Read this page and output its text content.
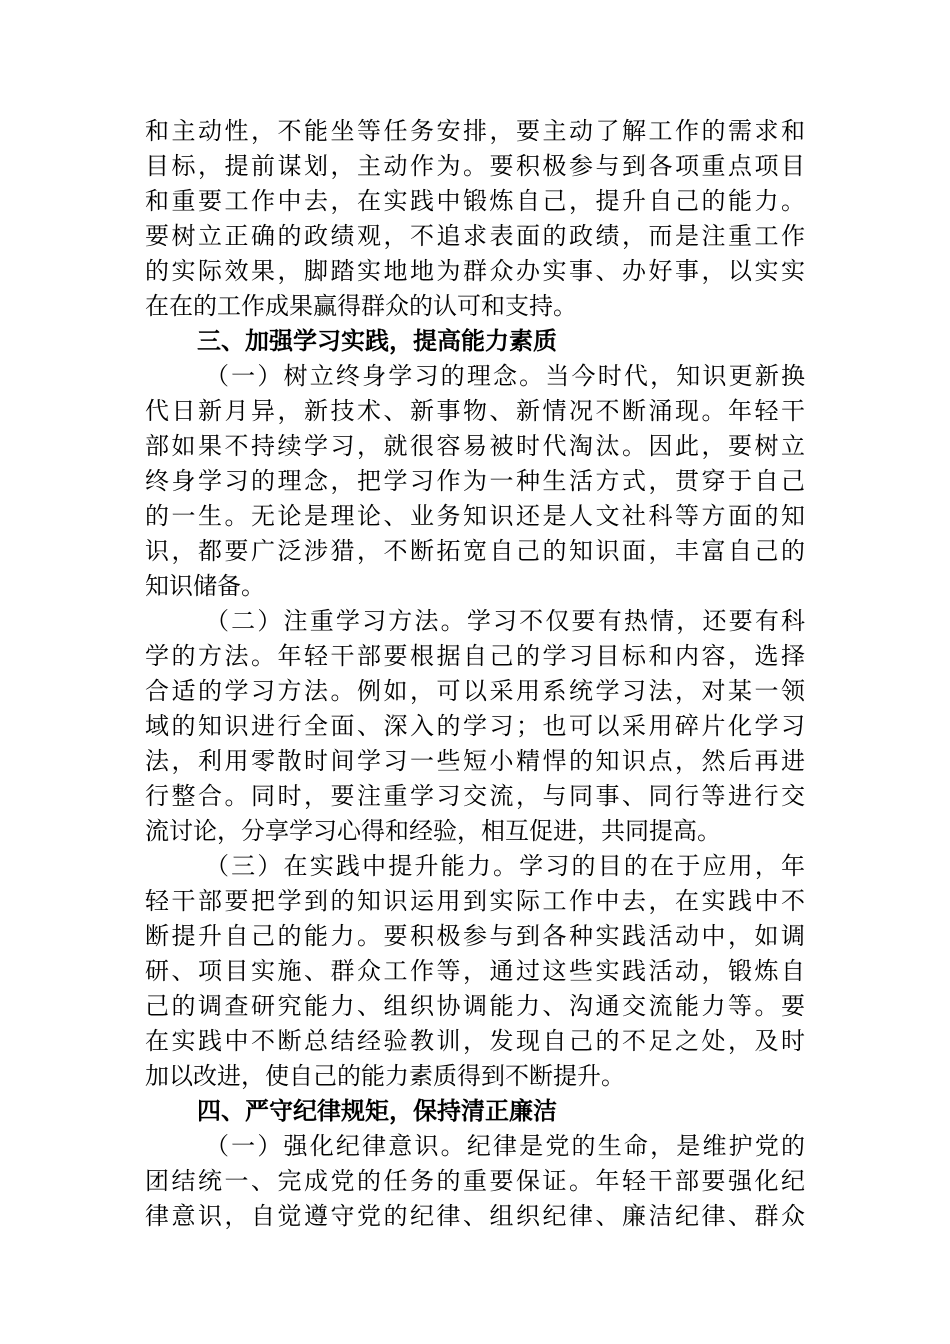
和主动性，不能坐等任务安排，要主动了解工作的需求和
目标，提前谋划，主动作为。要积极参与到各项重点项目
和重要工作中去，在实践中锻炼自己，提升自己的能力。
要树立正确的政绩观，不追求表面的政绩，而是注重工作
的实际效果，脚踏实地地为群众办实事、办好事，以实实
在在的工作成果赢得群众的认可和支持。
三、加强学习实践，提高能力素质
（一）树立终身学习的理念。当今时代，知识更新换
代日新月异，新技术、新事物、新情况不断涌现。年轻干
部如果不持续学习，就很容易被时代淘汰。因此，要树立
终身学习的理念，把学习作为一种生活方式，贯穿于自己
的一生。无论是理论、业务知识还是人文社科等方面的知
识，都要广泛涉猎，不断拓宽自己的知识面，丰富自己的
知识储备。
（二）注重学习方法。学习不仅要有热情，还要有科
学的方法。年轻干部要根据自己的学习目标和内容，选择
合适的学习方法。例如，可以采用系统学习法，对某一领
域的知识进行全面、深入的学习；也可以采用碎片化学习
法，利用零散时间学习一些短小精悍的知识点，然后再进
行整合。同时，要注重学习交流，与同事、同行等进行交
流讨论，分享学习心得和经验，相互促进，共同提高。
（三）在实践中提升能力。学习的目的在于应用，年
轻干部要把学到的知识运用到实际工作中去，在实践中不
断提升自己的能力。要积极参与到各种实践活动中，如调
研、项目实施、群众工作等，通过这些实践活动，锻炼自
己的调查研究能力、组织协调能力、沟通交流能力等。要
在实践中不断总结经验教训，发现自己的不足之处，及时
加以改进，使自己的能力素质得到不断提升。
四、严守纪律规矩，保持清正廉洁
（一）强化纪律意识。纪律是党的生命，是维护党的
团结统一、完成党的任务的重要保证。年轻干部要强化纪
律意识，自觉遵守党的纪律、组织纪律、廉洁纪律、群众
